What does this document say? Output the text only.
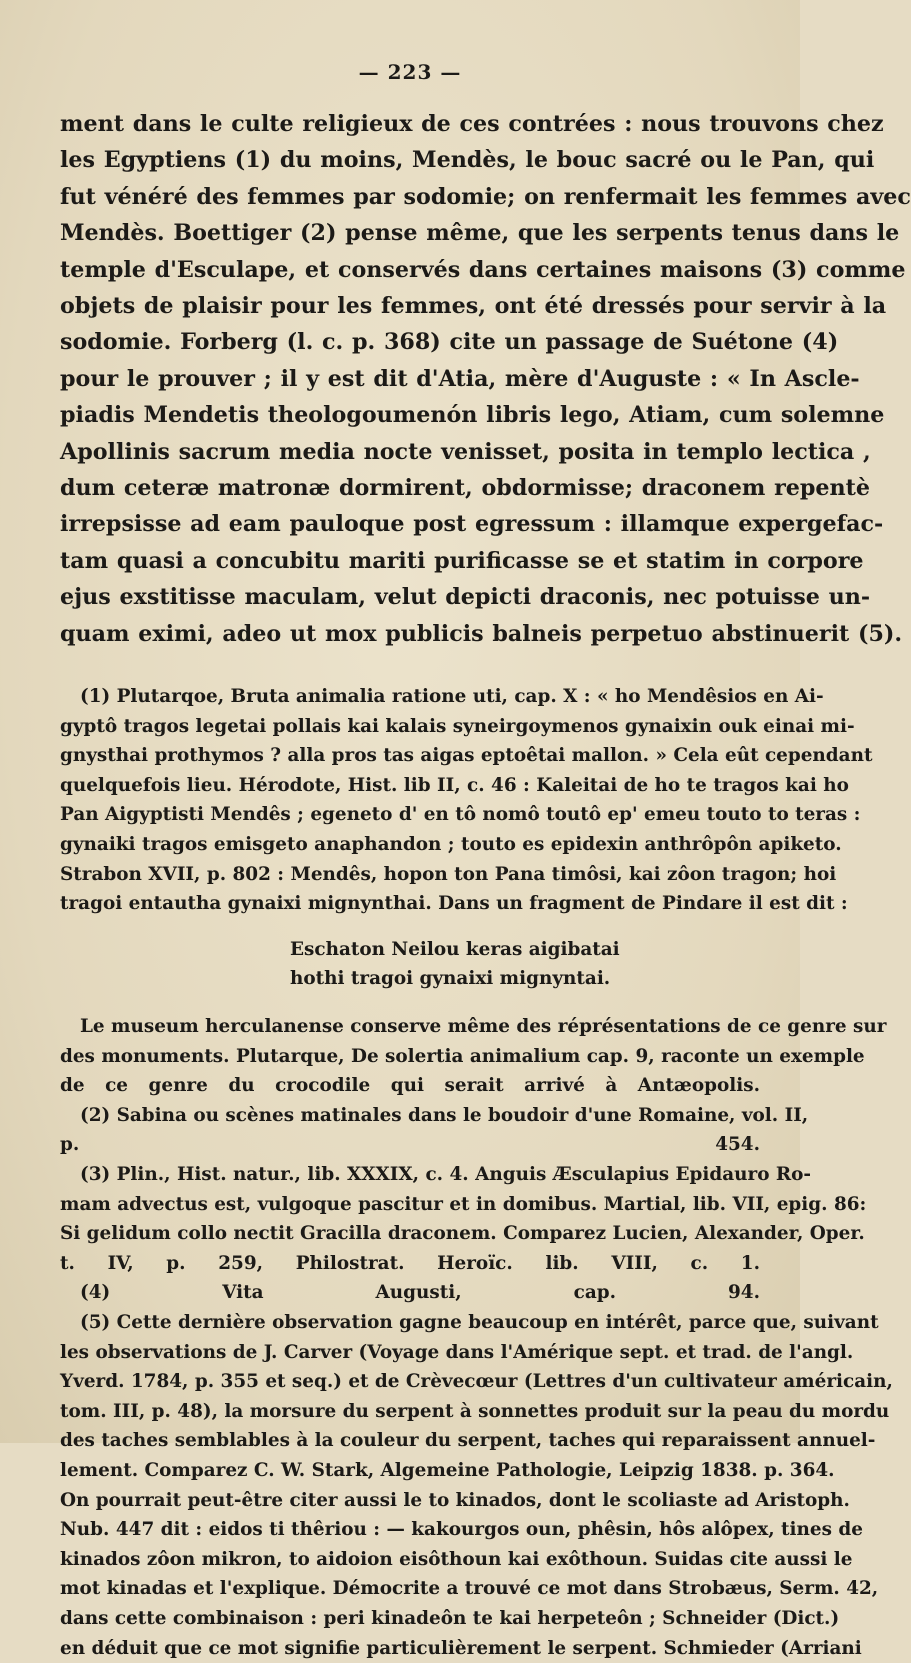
— 223 —
ment dans le culte religieux de ces contrées : nous trouvons chez
les Egyptiens (1) du moins, Mendès, le bouc sacré ou le Pan, qui
fut vénéré des femmes par sodomie; on renfermait les femmes avec
Mendès. Boettiger (2) pense même, que les serpents tenus dans le
temple d'Esculape, et conservés dans certaines maisons (3) comme
objets de plaisir pour les femmes, ont été dressés pour servir à la
sodomie. Forberg (l. c. p. 368) cite un passage de Suétone (4)
pour le prouver ; il y est dit d'Atia, mère d'Auguste : « In Ascle-
piadis Mendetis theologoumenón libris lego, Atiam, cum solemne
Apollinis sacrum media nocte venisset, posita in templo lectica ,
dum ceteræ matronæ dormirent, obdormisse; draconem repentè
irrepsisse ad eam pauloque post egressum : illamque expergefac-
tam quasi a concubitu mariti purificasse se et statim in corpore
ejus exstitisse maculam, velut depicti draconis, nec potuisse un-
quam eximi, adeo ut mox publicis balneis perpetuo abstinuerit (5).
(1) Plutarqoe, Bruta animalia ratione uti, cap. X : « ho Mendêsios en Ai-
gyptô tragos legetai pollais kai kalais syneirgoymenos gynaixin ouk einai mi-
gnysthai prothymos ? alla pros tas aigas eptoêtai mallon. » Cela eût cependant
quelquefois lieu. Hérodote, Hist. lib II, c. 46 : Kaleitai de ho te tragos kai ho
Pan Aigyptisti Mendês ; egeneto d' en tô nomô toutô ep' emeu touto to teras :
gynaiki tragos emisgeto anaphandon ; touto es epidexin anthrôpôn apiketo.
Strabon XVII, p. 802 : Mendês, hopon ton Pana timôsi, kai zôon tragon; hoi
tragoi entautha gynaixi mignynthai. Dans un fragment de Pindare il est dit :
Eschaton Neilou keras aigibatai
hothi tragoi gynaixi mignyntai.
Le museum herculanense conserve même des réprésentations de ce genre sur
des monuments. Plutarque, De solertia animalium cap. 9, raconte un exemple
de ce genre du crocodile qui serait arrivé à Antæopolis.
(2) Sabina ou scènes matinales dans le boudoir d'une Romaine, vol. II,
p. 454.
(3) Plin., Hist. natur., lib. XXXIX, c. 4. Anguis Æsculapius Epidauro Ro-
mam advectus est, vulgoque pascitur et in domibus. Martial, lib. VII, epig. 86:
Si gelidum collo nectit Gracilla draconem. Comparez Lucien, Alexander, Oper.
t. IV, p. 259, Philostrat. Heroïc. lib. VIII, c. 1.
(4) Vita Augusti, cap. 94.
(5) Cette dernière observation gagne beaucoup en intérêt, parce que, suivant
les observations de J. Carver (Voyage dans l'Amérique sept. et trad. de l'angl.
Yverd. 1784, p. 355 et seq.) et de Crèvecœur (Lettres d'un cultivateur américain,
tom. III, p. 48), la morsure du serpent à sonnettes produit sur la peau du mordu
des taches semblables à la couleur du serpent, taches qui reparaissent annuel-
lement. Comparez C. W. Stark, Algemeine Pathologie, Leipzig 1838. p. 364.
On pourrait peut-être citer aussi le to kinados, dont le scoliaste ad Aristoph.
Nub. 447 dit : eidos ti thêriou : — kakourgos oun, phêsin, hôs alôpex, tines de
kinados zôon mikron, to aidoion eisôthoun kai exôthoun. Suidas cite aussi le
mot kinadas et l'explique. Démocrite a trouvé ce mot dans Strobæus, Serm. 42,
dans cette combinaison : peri kinadeôn te kai herpeteôn ; Schneider (Dict.)
en déduit que ce mot signifie particulièrement le serpent. Schmieder (Arriani
